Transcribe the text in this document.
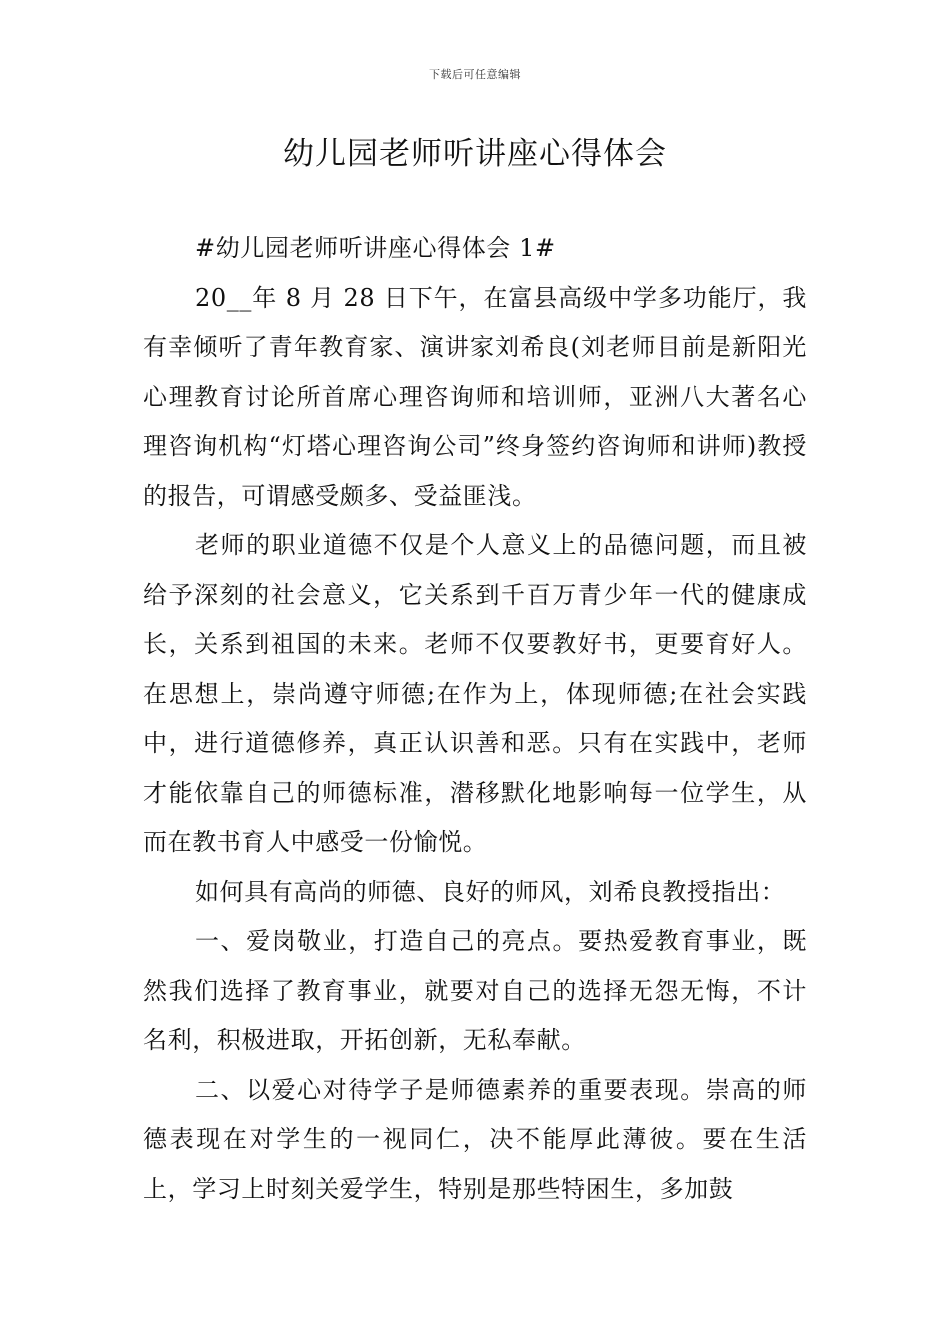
下载后可任意编辑
幼儿园老师听讲座心得体会

#幼儿园老师听讲座心得体会 1#

20__年 8 月 28 日下午，在富县高级中学多功能厅，我有幸倾听了青年教育家、演讲家刘希良(刘老师目前是新阳光心理教育讨论所首席心理咨询师和培训师，亚洲八大著名心理咨询机构“灯塔心理咨询公司”终身签约咨询师和讲师)教授的报告，可谓感受颇多、受益匪浅。

老师的职业道德不仅是个人意义上的品德问题，而且被给予深刻的社会意义，它关系到千百万青少年一代的健康成长，关系到祖国的未来。老师不仅要教好书，更要育好人。在思想上，崇尚遵守师德;在作为上，体现师德;在社会实践中，进行道德修养，真正认识善和恶。只有在实践中，老师才能依靠自己的师德标准，潜移默化地影响每一位学生，从而在教书育人中感受一份愉悦。

如何具有高尚的师德、良好的师风，刘希良教授指出：

一、爱岗敬业，打造自己的亮点。要热爱教育事业，既然我们选择了教育事业，就要对自己的选择无怨无悔，不计名利，积极进取，开拓创新，无私奉献。

二、以爱心对待学子是师德素养的重要表现。崇高的师德表现在对学生的一视同仁，决不能厚此薄彼。要在生活上，学习上时刻关爱学生，特别是那些特困生，多加鼓
